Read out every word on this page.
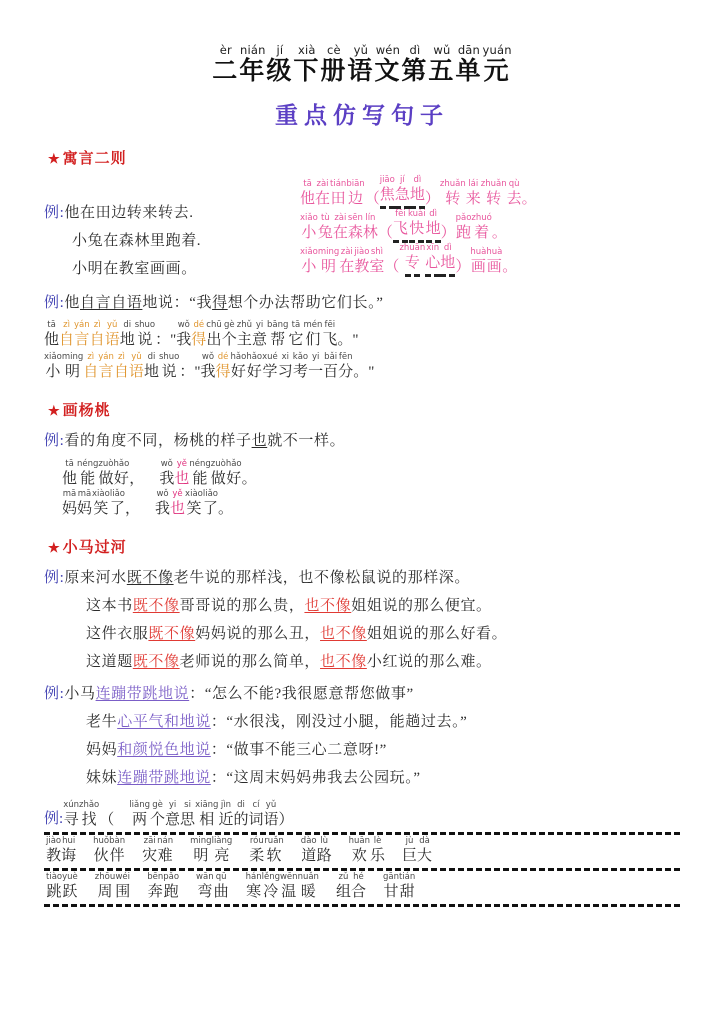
èr
二
nián
年
jí
级
xià
下
cè
册
yǔ
语
wén
文
dì
第
wǔ
五
dān
单
yuán
元
重点仿写句子
★ 寓言二则
例:他在田边转来转去.
小兔在森林里跑着.
小明在教室画画。
tā
他
zài
在
tián
田
biān
边
（
jiāo
焦
jí
急
dì
地
）
zhuǎn
转
lái
来
zhuǎn
转
qù
去
。
xiǎo
小
tù
兔
zài
在
sēn
森
lín
林
（
fēi
飞
kuài
快
dì
地
）
pǎo
跑
zhuó
着
。
xiǎo
小
ming
明
zài
在
jiào
教
shì
室
（
zhuān
专
xīn
心
dì
地
）
huà
画
huà
画
。
例:他自言自语地说：“我得想个办法帮助它们长。”
tā
他
zì
自
yán
言
zì
自
yǔ
语
di
地
shuo
说
：
"
wǒ
我
dé
得
chū
出
gè
个
zhǔ
主
yi
意
bāng
帮
tā
它
mén
们
fēi
飞
。
"
xiǎo
小
ming
明
zì
自
yán
言
zì
自
yǔ
语
di
地
shuo
说
：
"
wǒ
我
dé
得
hǎo
好
hǎo
好
xué
学
xi
习
kǎo
考
yi
一
bǎi
百
fēn
分
。
"
★ 画杨桃
例:看的角度不同，杨桃的样子也就不一样。
tā
他
néng
能
zuò
做
hǎo
好
，

wǒ
我
yě
也
néng
能
zuò
做
hǎo
好
。
mā
妈
mā
妈
xiào
笑
liǎo
了
，

wǒ
我
yě
也
xiào
笑
liǎo
了
。
★ 小马过河
例:原来河水既不像老牛说的那样浅，也不像松鼠说的那样深。
这本书既不像哥哥说的那么贵，也不像姐姐说的那么便宜。
这件衣服既不像妈妈说的那么丑，也不像姐姐说的那么好看。
这道题既不像老师说的那么简单，也不像小红说的那么难。
例:小马连蹦带跳地说：“怎么不能?我很愿意帮您做事”
老牛心平气和地说：“水很浅，刚没过小腿，能趟过去。”
妈妈和颜悦色地说：“做事不能三心二意呀!”
妹妹连蹦带跳地说：“这周末妈妈弗我去公园玩。”
例 :
xún
寻
zhǎo
找
（

liǎng
两
gè
个
yi
意
si
思
xiāng
相
jìn
近
di
的
cí
词
yǔ
语
）
jiào
教
hui
诲
huǒ
伙
bàn
伴
zāi
灾
nán
难
ming
明
liàng
亮
róu
柔
ruǎn
软
dào
道
lù
路
huān
欢
lè
乐
jù
巨
dà
大
tiào
跳
yuè
跃
zhōu
周
wéi
围
bēn
奔
pǎo
跑
wān
弯
qū
曲
hán
寒
lěng
冷
wēn
温
nuǎn
暖
zǔ
组
hé
合
gān
甘
tián
甜
